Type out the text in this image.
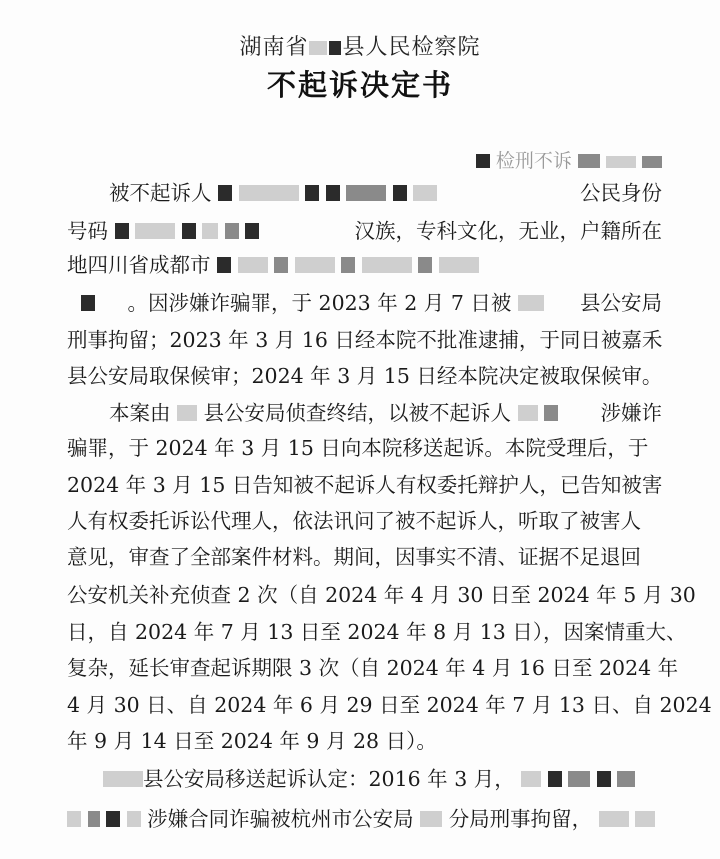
湖南省 县人民检察院
不起诉决定书
检刑不诉
被不起诉人	公民身份
号码	汉族，专科文化，无业，户籍所在
地四川省成都市
。因涉嫌诈骗罪，于 2023 年 2 月 7 日被	县公安局
刑事拘留；2023 年 3 月 16 日经本院不批准逮捕，于同日被嘉禾
县公安局取保候审；2024 年 3 月 15 日经本院决定被取保候审。
本案由 县公安局侦查终结，以被不起诉人	涉嫌诈
骗罪，于 2024 年 3 月 15 日向本院移送起诉。本院受理后，于
2024 年 3 月 15 日告知被不起诉人有权委托辩护人，已告知被害
人有权委托诉讼代理人，依法讯问了被不起诉人，听取了被害人
意见，审查了全部案件材料。期间，因事实不清、证据不足退回
公安机关补充侦查 2 次（自 2024 年 4 月 30 日至 2024 年 5 月 30
日，自 2024 年 7 月 13 日至 2024 年 8 月 13 日），因案情重大、
复杂，延长审查起诉期限 3 次（自 2024 年 4 月 16 日至 2024 年
4 月 30 日、自 2024 年 6 月 29 日至 2024 年 7 月 13 日、自 2024
年 9 月 14 日至 2024 年 9 月 28 日）。
县公安局移送起诉认定：2016 年 3 月，
涉嫌合同诈骗被杭州市公安局 分局刑事拘留，
